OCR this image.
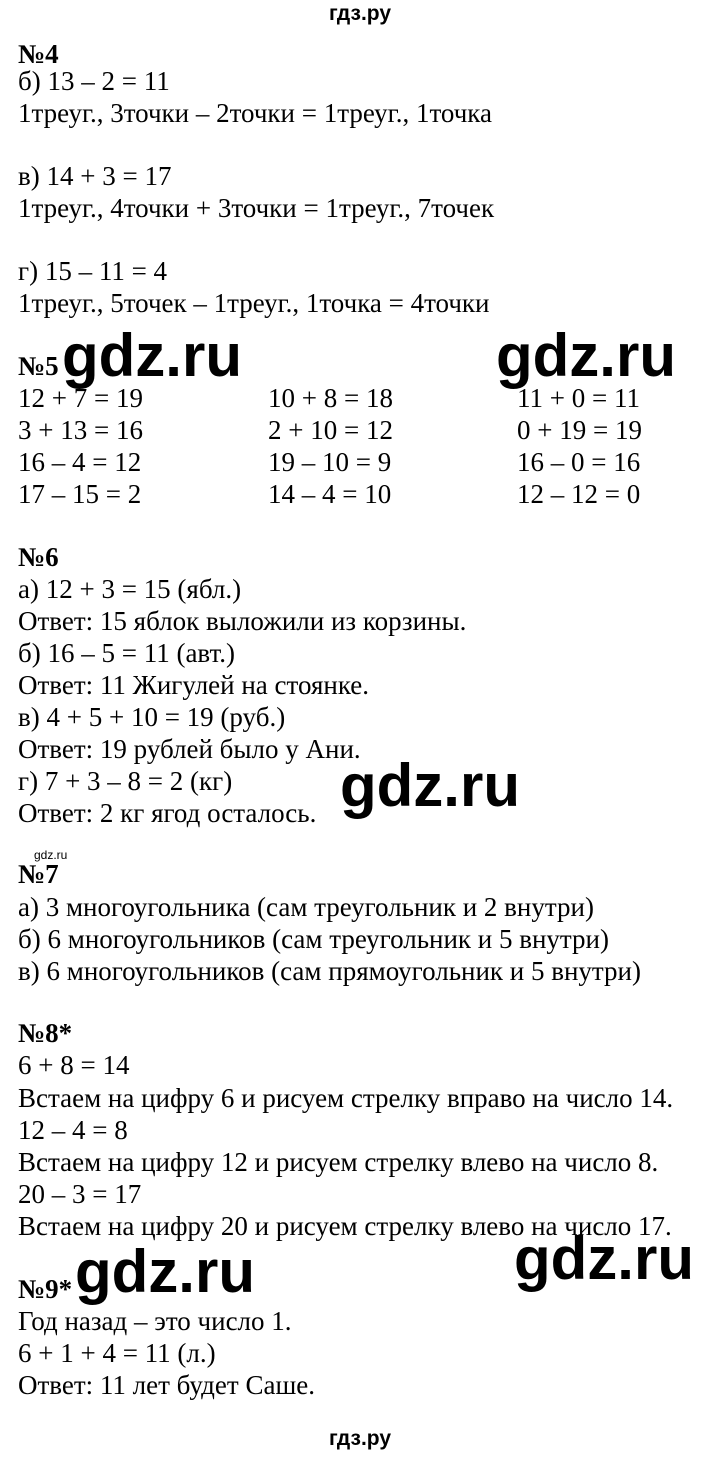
гдз.ру
№4
б) 13 – 2 = 11
1треуг., 3точки – 2точки = 1треуг., 1точка
в) 14 + 3 = 17
1треуг., 4точки + 3точки = 1треуг., 7точек
г) 15 – 11 = 4
1треуг., 5точек – 1треуг., 1точка = 4точки
№5 gdz.ru	gdz.ru
12 + 7 = 19	10 + 8 = 18	11 + 0 = 11
3 + 13 = 16	2 + 10 = 12	0 + 19 = 19
16 – 4 = 12	19 – 10 = 9	16 – 0 = 16
17 – 15 = 2	14 – 4 = 10	12 – 12 = 0
№6
а) 12 + 3 = 15 (ябл.)
Ответ: 15 яблок выложили из корзины.
б) 16 – 5 = 11 (авт.)
Ответ: 11 Жигулей на стоянке.
в) 4 + 5 + 10 = 19 (руб.)
Ответ: 19 рублей было у Ани.
г) 7 + 3 – 8 = 2 (кг)
Ответ: 2 кг ягод осталось. gdz.ru
gdz.ru
№7
а) 3 многоугольника (сам треугольник и 2 внутри)
б) 6 многоугольников (сам треугольник и 5 внутри)
в) 6 многоугольников (сам прямоугольник и 5 внутри)
№8*
6 + 8 = 14
Встаем на цифру 6 и рисуем стрелку вправо на число 14.
12 – 4 = 8
Встаем на цифру 12 и рисуем стрелку влево на число 8.
20 – 3 = 17
Встаем на цифру 20 и рисуем стрелку влево на число 17.
№9* gdz.ru	gdz.ru
Год назад – это число 1.
6 + 1 + 4 = 11 (л.)
Ответ: 11 лет будет Саше.
гдз.ру
